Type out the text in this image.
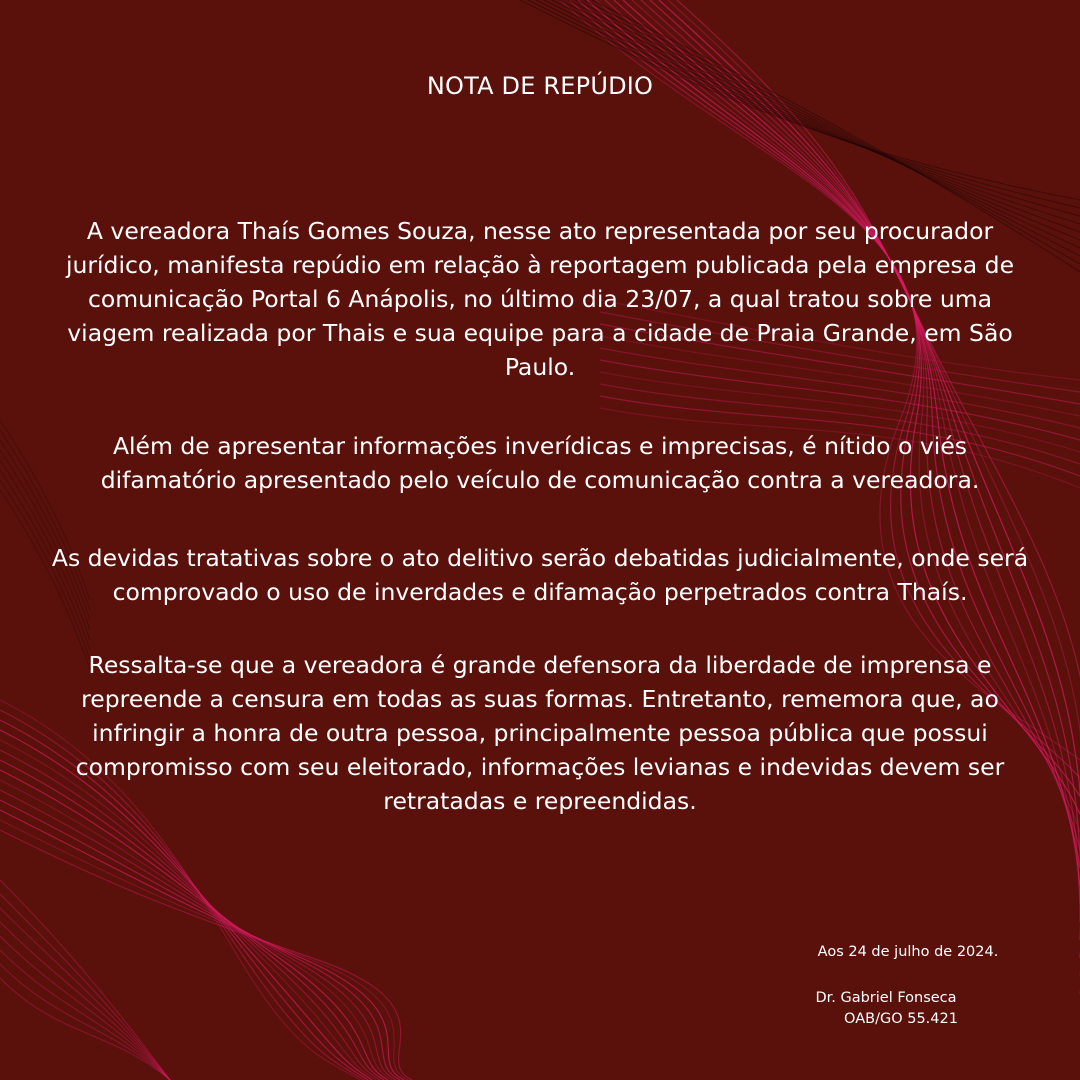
NOTA DE REPÚDIO

A vereadora Thaís Gomes Souza, nesse ato representada por seu procurador jurídico, manifesta repúdio em relação à reportagem publicada pela empresa de comunicação Portal 6 Anápolis, no último dia 23/07, a qual tratou sobre uma viagem realizada por Thais e sua equipe para a cidade de Praia Grande, em São Paulo.

Além de apresentar informações inverídicas e imprecisas, é nítido o viés difamatório apresentado pelo veículo de comunicação contra a vereadora.

As devidas tratativas sobre o ato delitivo serão debatidas judicialmente, onde será comprovado o uso de inverdades e difamação perpetrados contra Thaís.

Ressalta-se que a vereadora é grande defensora da liberdade de imprensa e repreende a censura em todas as suas formas. Entretanto, rememora que, ao infringir a honra de outra pessoa, principalmente pessoa pública que possui compromisso com seu eleitorado, informações levianas e indevidas devem ser retratadas e repreendidas.

Aos 24 de julho de 2024.
Dr. Gabriel Fonseca
OAB/GO 55.421
